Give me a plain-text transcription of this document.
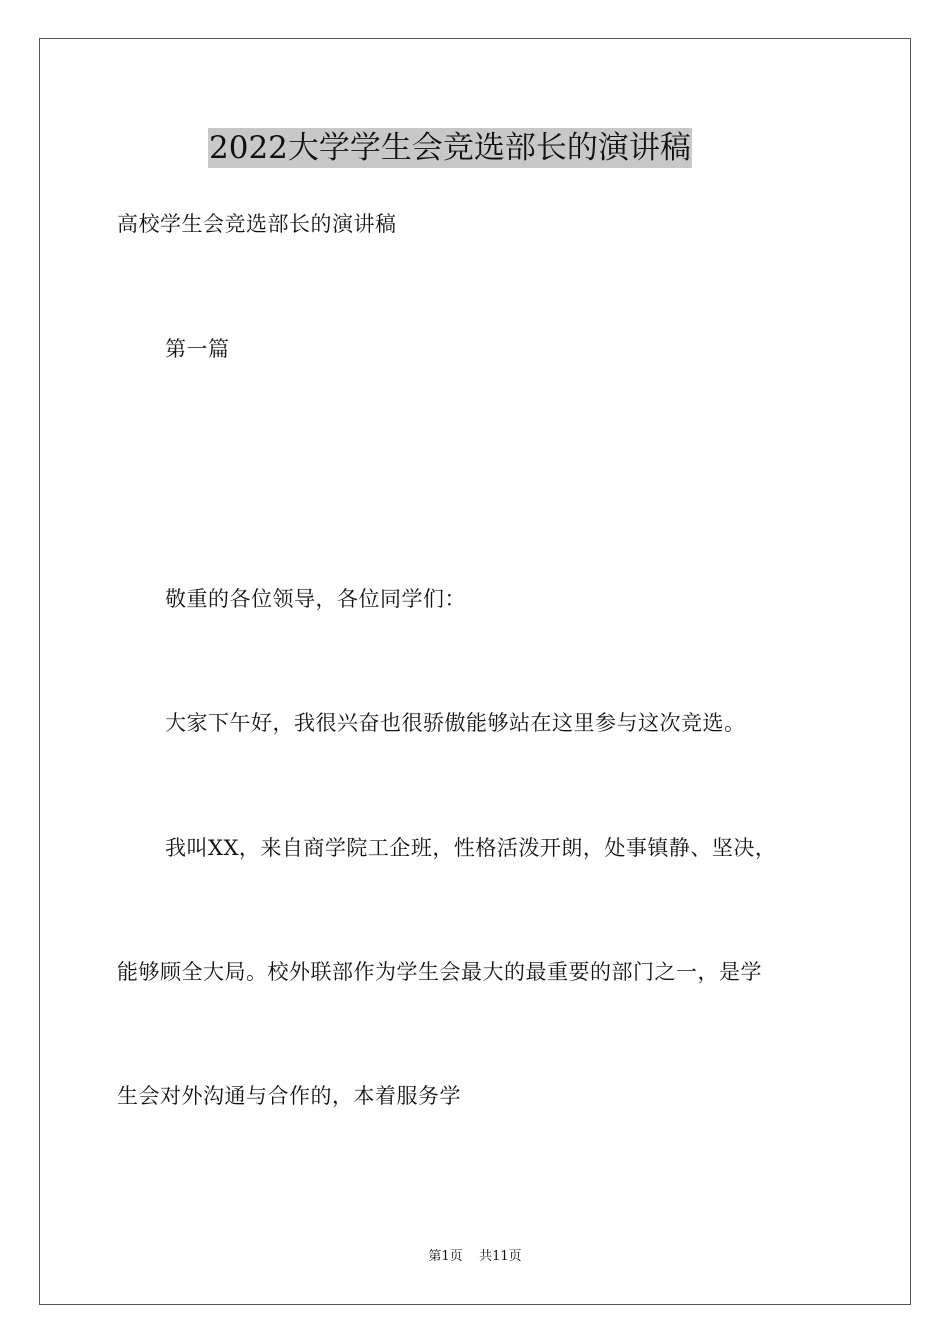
2022大学学生会竞选部长的演讲稿
高校学生会竞选部长的演讲稿
第一篇
敬重的各位领导，各位同学们：
大家下午好，我很兴奋也很骄傲能够站在这里参与这次竞选。
我叫XX，来自商学院工企班，性格活泼开朗，处事镇静、坚决，
能够顾全大局。校外联部作为学生会最大的最重要的部门之一，是学
生会对外沟通与合作的，本着服务学
第1页    共11页
